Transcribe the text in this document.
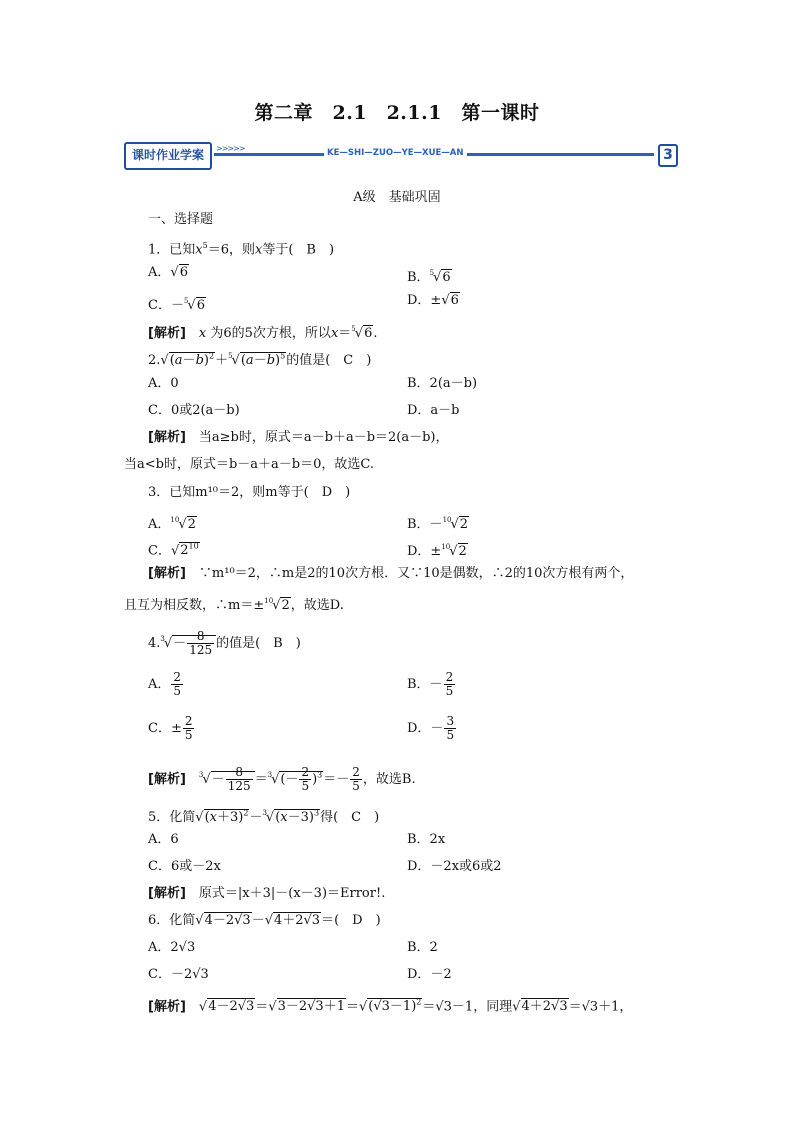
第二章　2.1　2.1.1　第一课时
课时作业学案	>>>>>	KE—SHI—ZUO—YE—XUE—AN	3
A级　基础巩固
一、选择题
1．已知$x^5=6$，则x等于(　B　)
A．√6	B．$^5$√6
C．－$^5$√6	D．±√6
[解析]　 x 为6的5次方根，所以x＝$^5$√6.
$2.√(a-b)^2+^5√(a-b)^5$的值是(　C　)
A．0	B．2(a－b)
C．0或2(a－b)	D．a－b
[解析]　 当a≥b时，原式＝a－b＋a－b＝2(a－b)，
当a<b时，原式＝b－a＋a－b＝0，故选C.
3．已知m¹⁰＝2，则m等于(　D　)
A．$^{10}$√2	B．－$^{10}$√2
C．$√2^{10}$	D．±$^{10}$√2
[解析]　 ∵m¹⁰＝2，∴m是2的10次方根．又∵10是偶数，∴2的10次方根有两个，
且互为相反数，∴m＝±$^{10}$√2，故选D.
$4.^3√- \frac{8}{125}$ 的值是(　B　)
A． $\frac{2}{5}$	B．－ $\frac{2}{5}$
C．± $\frac{2}{5}$	D．－ $\frac{3}{5}$
[解析]　 $^3√- \frac{8}{125} =^3√(- \frac{2}{5} )^3=- \frac{2}{5}$ ，故选B.
5．化简$√(x+3)^2-^3√(x-3)^3$得(　C　)
A．6	B．2x
C．6或－2x	D．－2x或6或2
[解析]　 原式＝|x＋3|－(x－3)＝Error!.
6．化简√4－2√3－√4＋2√3＝(　D　)
A．2√3	B．2
C．－2√3	D．－2
[解析]　$√4-2√3=√3-2√3+1=√(√3-1)^2=√3-1$，同理√4＋2√3＝√3＋1，
